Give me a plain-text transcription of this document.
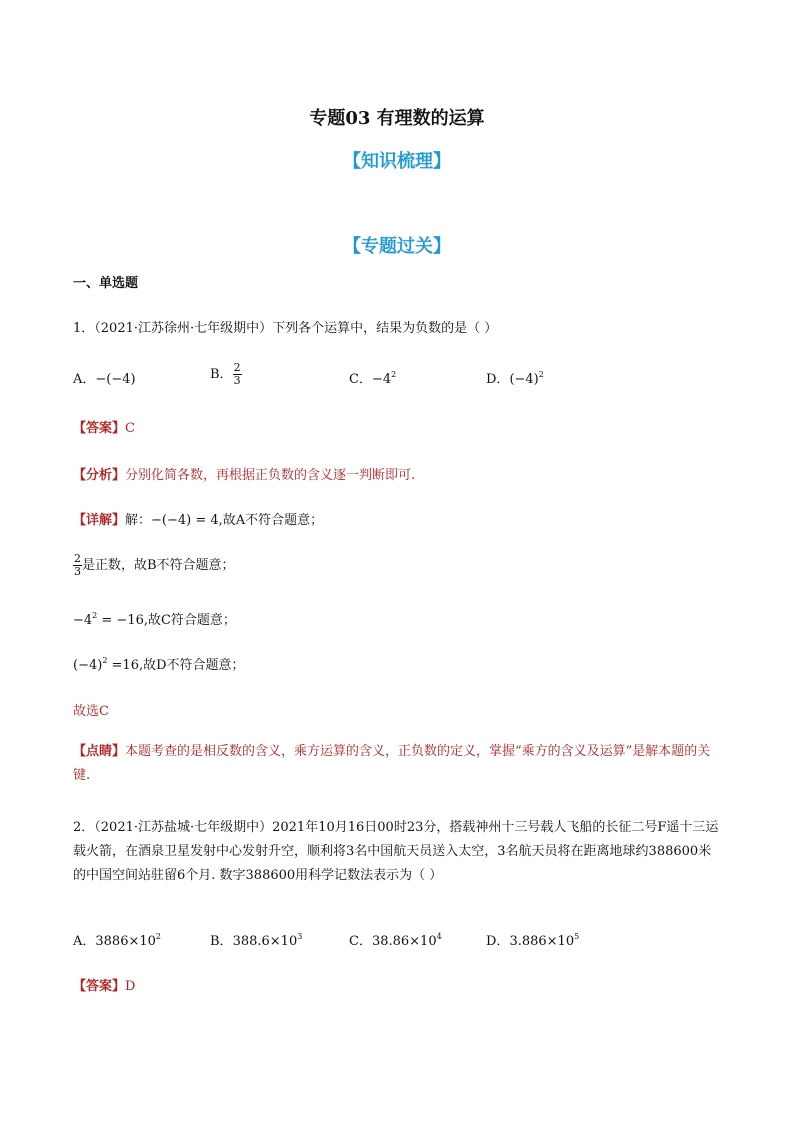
专题03 有理数的运算
【知识梳理】
【专题过关】
一、单选题
1．（2021·江苏徐州·七年级期中）下列各个运算中，结果为负数的是（ ）
A．−(−4)	B． $\frac{2}{3}$	C．$-4^2$	D．$(-4)^2$
【答案】C
【分析】分别化简各数，再根据正负数的含义逐一判断即可.
【详解】解：−(−4) = 4,故A不符合题意；
$\frac{2}{3}$ 是正数，故B不符合题意；
$-4^2 = -16$,故C符合题意；
$(-4)^2 =16$,故D不符合题意；
故选C
【点睛】本题考查的是相反数的含义，乘方运算的含义，正负数的定义，掌握“乘方的含义及运算”是解本题的关键.
2．（2021·江苏盐城·七年级期中）2021年10月16日00时23分，搭载神州十三号载人飞船的长征二号F遥十三运载火箭，在酒泉卫星发射中心发射升空，顺利将3名中国航天员送入太空，3名航天员将在距离地球约388600米的中国空间站驻留6个月. 数字388600用科学记数法表示为（ ）
A．$3886\times 10^2$	B．$388.6\times 10^3$	C．$38.86\times 10^4$	D．$3.886\times 10^5$
【答案】D
